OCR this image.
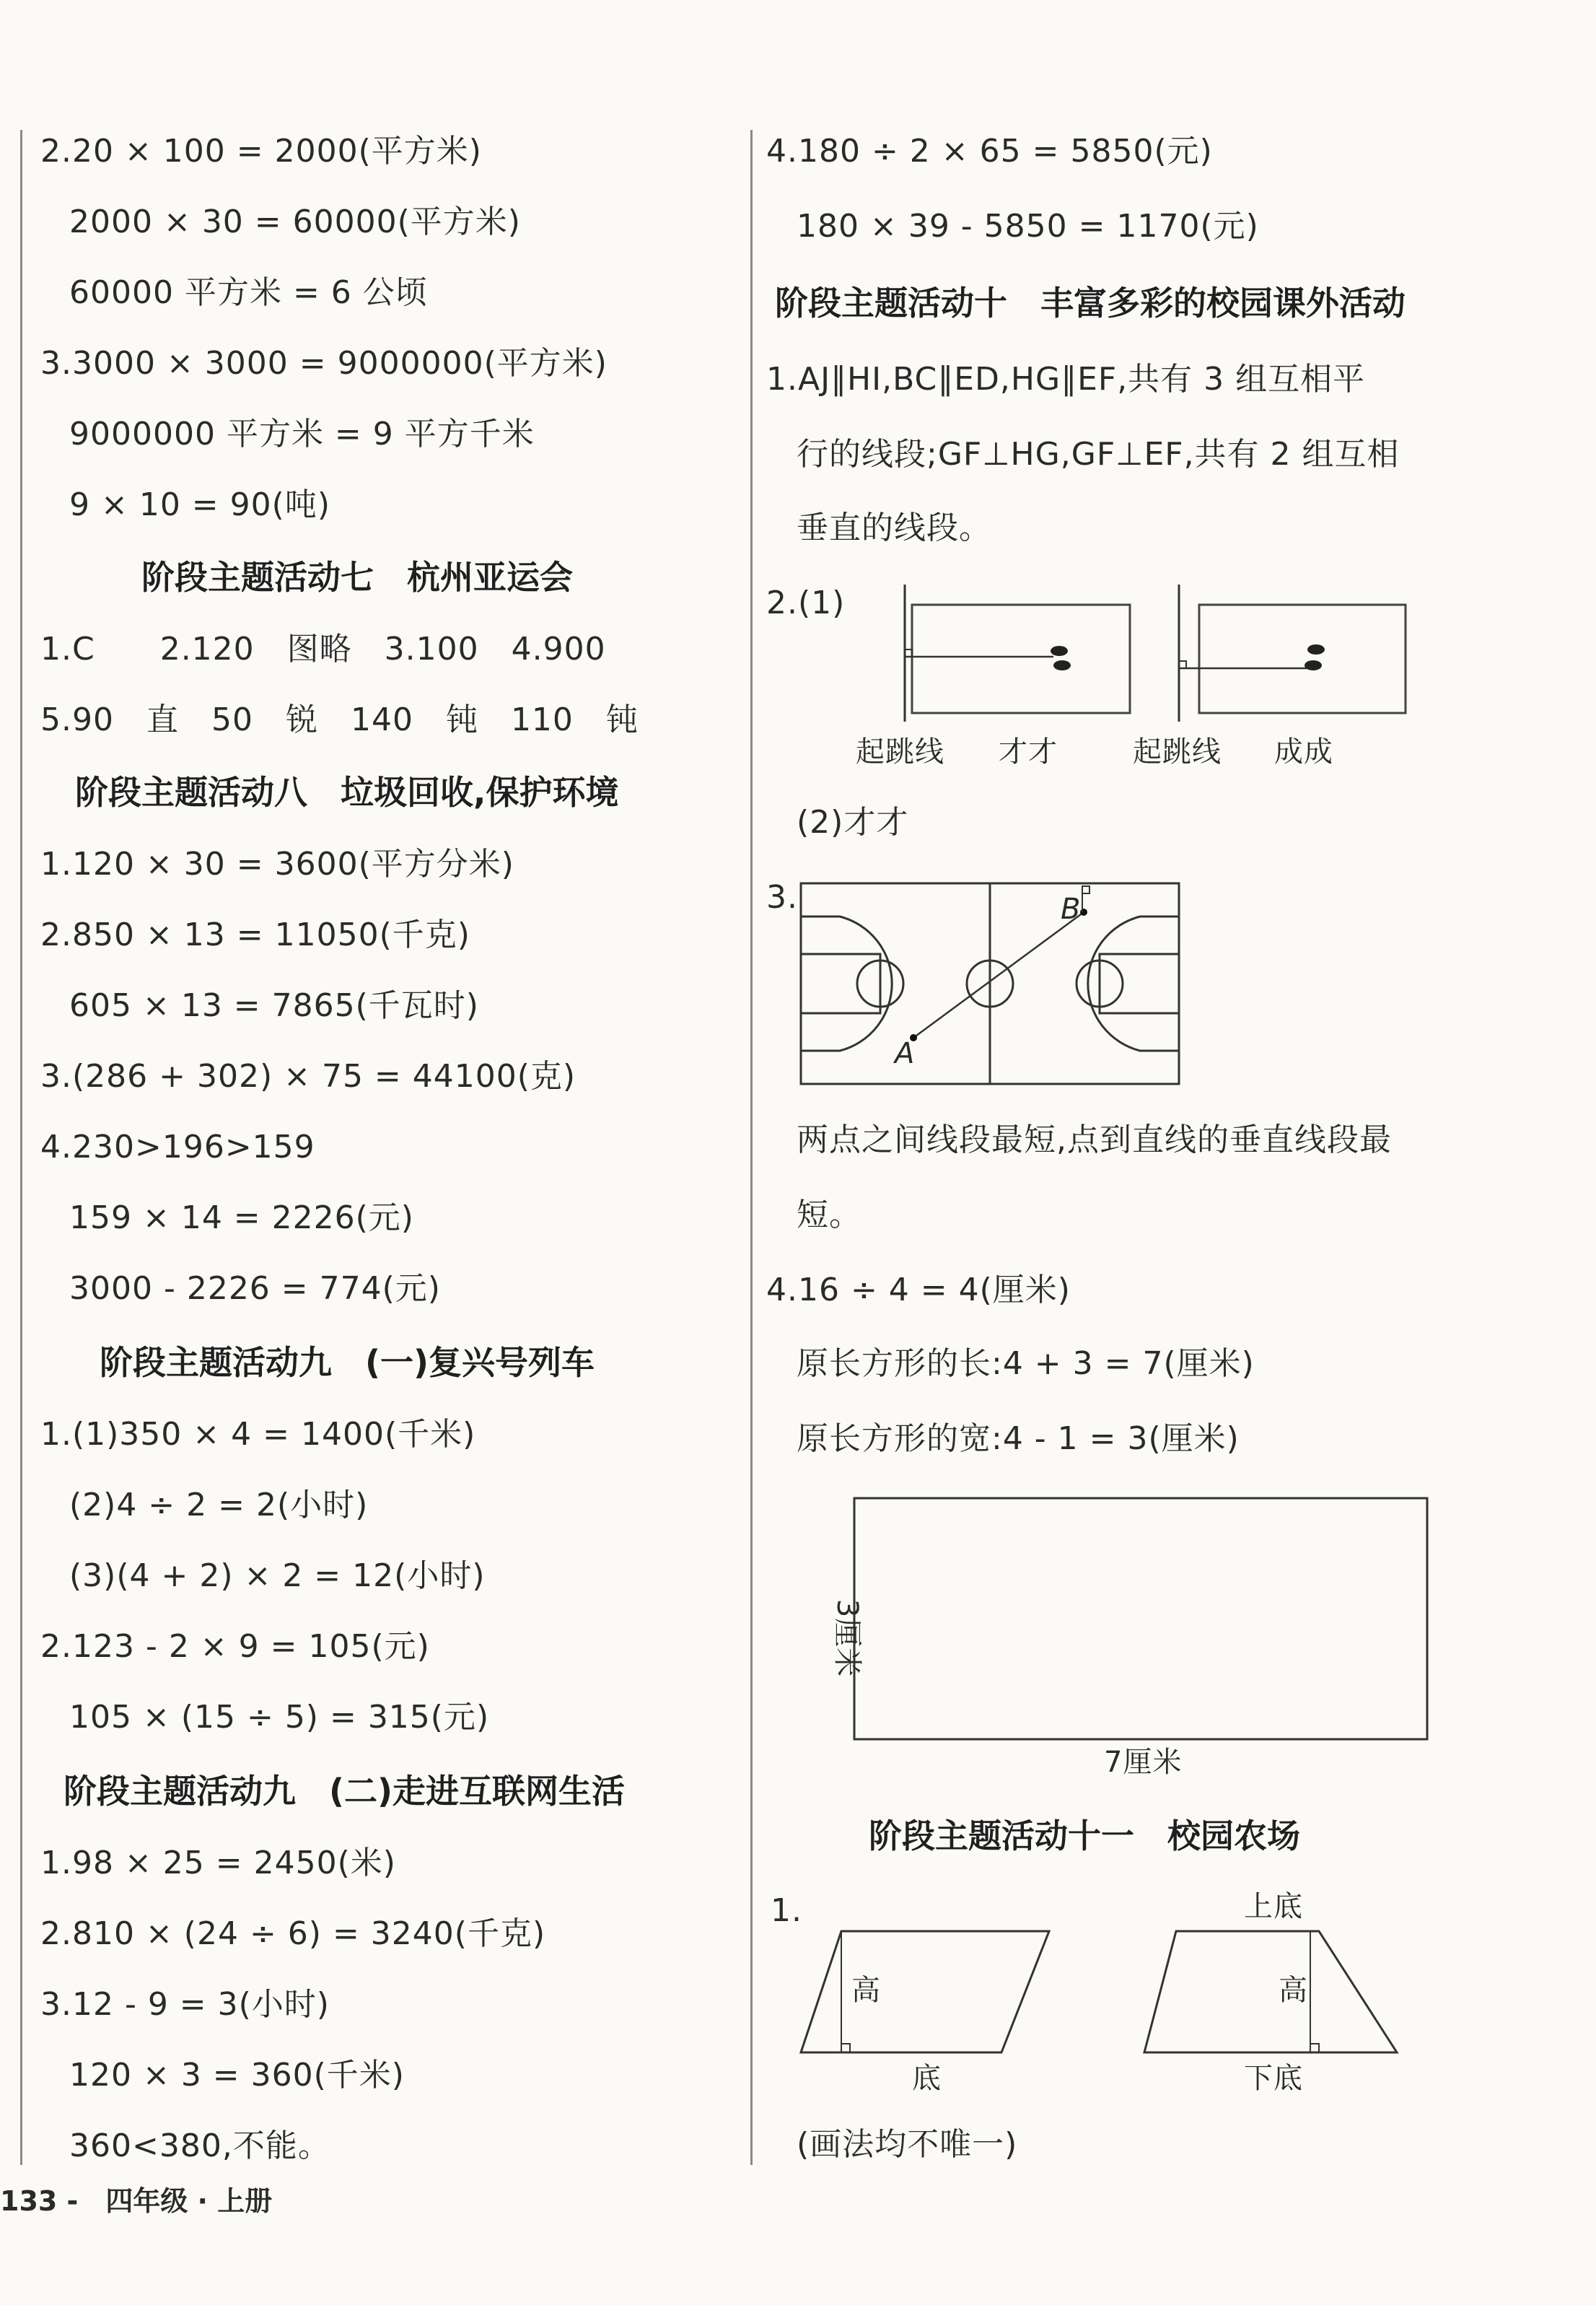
2.20 × 100 = 2000(平方米)
2000 × 30 = 60000(平方米)
60000 平方米 = 6 公顷
3.3000 × 3000 = 9000000(平方米)
9000000 平方米 = 9 平方千米
9 × 10 = 90(吨)
阶段主题活动七　杭州亚运会
1.C　　2.120　图略　3.100　4.900
5.90　直　50　锐　140　钝　110　钝
阶段主题活动八　垃圾回收,保护环境
1.120 × 30 = 3600(平方分米)
2.850 × 13 = 11050(千克)
605 × 13 = 7865(千瓦时)
3.(286 + 302) × 75 = 44100(克)
4.230>196>159
159 × 14 = 2226(元)
3000 - 2226 = 774(元)
阶段主题活动九　(一)复兴号列车
1.(1)350 × 4 = 1400(千米)
(2)4 ÷ 2 = 2(小时)
(3)(4 + 2) × 2 = 12(小时)
2.123 - 2 × 9 = 105(元)
105 × (15 ÷ 5) = 315(元)
阶段主题活动九　(二)走进互联网生活
1.98 × 25 = 2450(米)
2.810 × (24 ÷ 6) = 3240(千克)
3.12 - 9 = 3(小时)
120 × 3 = 360(千米)
360<380,不能。
4.180 ÷ 2 × 65 = 5850(元)
180 × 39 - 5850 = 1170(元)
阶段主题活动十　丰富多彩的校园课外活动
1.AJ∥HI,BC∥ED,HG∥EF,共有 3 组互相平
行的线段;GF⊥HG,GF⊥EF,共有 2 组互相
垂直的线段。
2.(1)
起跳线 才才	起跳线 成成
(2)才才
3.
A
B
两点之间线段最短,点到直线的垂直线段最
短。
4.16 ÷ 4 = 4(厘米)
原长方形的长:4 + 3 = 7(厘米)
原长方形的宽:4 - 1 = 3(厘米)
3厘米
7厘米
阶段主题活动十一　校园农场
1.
高
底
上底
高
下底
(画法均不唯一)
133 -　四年级 · 上册
